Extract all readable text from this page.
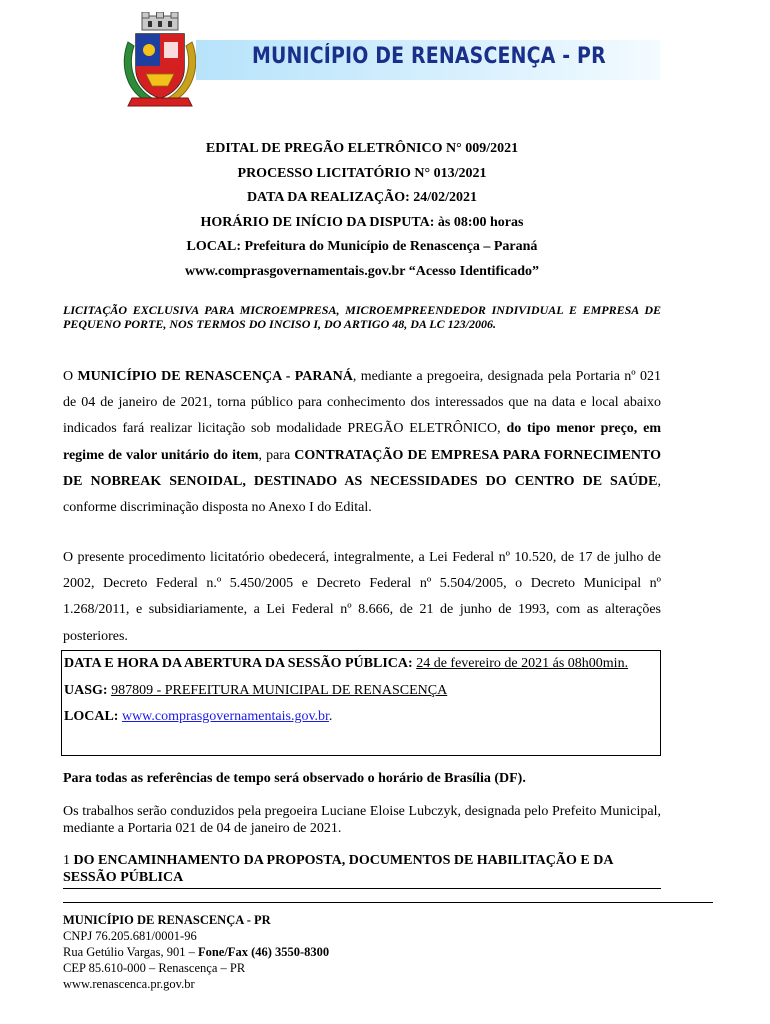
MUNICÍPIO DE RENASCENÇA - PR
EDITAL DE PREGÃO ELETRÔNICO N° 009/2021
PROCESSO LICITATÓRIO N° 013/2021
DATA DA REALIZAÇÃO: 24/02/2021
HORÁRIO DE INÍCIO DA DISPUTA: às 08:00 horas
LOCAL: Prefeitura do Município de Renascença – Paraná
www.comprasgovernamentais.gov.br “Acesso Identificado”
LICITAÇÃO EXCLUSIVA PARA MICROEMPRESA, MICROEMPREENDEDOR INDIVIDUAL E EMPRESA DE PEQUENO PORTE, NOS TERMOS DO INCISO I, DO ARTIGO 48, DA LC 123/2006.
O MUNICÍPIO DE RENASCENÇA - PARANÁ, mediante a pregoeira, designada pela Portaria nº 021 de 04 de janeiro de 2021, torna público para conhecimento dos interessados que na data e local abaixo indicados fará realizar licitação sob modalidade PREGÃO ELETRÔNICO, do tipo menor preço, em regime de valor unitário do item, para CONTRATAÇÃO DE EMPRESA PARA FORNECIMENTO DE NOBREAK SENOIDAL, DESTINADO AS NECESSIDADES DO CENTRO DE SAÚDE, conforme discriminação disposta no Anexo I do Edital.
O presente procedimento licitatório obedecerá, integralmente, a Lei Federal nº 10.520, de 17 de julho de 2002, Decreto Federal n.º 5.450/2005 e Decreto Federal nº 5.504/2005, o Decreto Municipal nº 1.268/2011, e subsidiariamente, a Lei Federal nº 8.666, de 21 de junho de 1993, com as alterações posteriores.
DATA E HORA DA ABERTURA DA SESSÃO PÚBLICA: 24 de fevereiro de 2021 ás 08h00min.
UASG: 987809 - PREFEITURA MUNICIPAL DE RENASCENÇA
LOCAL: www.comprasgovernamentais.gov.br.
Para todas as referências de tempo será observado o horário de Brasília (DF).
Os trabalhos serão conduzidos pela pregoeira Luciane Eloise Lubczyk, designada pelo Prefeito Municipal, mediante a Portaria 021 de 04 de janeiro de 2021.
1 DO ENCAMINHAMENTO DA PROPOSTA, DOCUMENTOS DE HABILITAÇÃO E DA SESSÃO PÚBLICA
MUNICÍPIO DE RENASCENÇA - PR
CNPJ 76.205.681/0001-96
Rua Getúlio Vargas, 901 – Fone/Fax (46) 3550-8300
CEP 85.610-000 – Renascença – PR
www.renascenca.pr.gov.br
